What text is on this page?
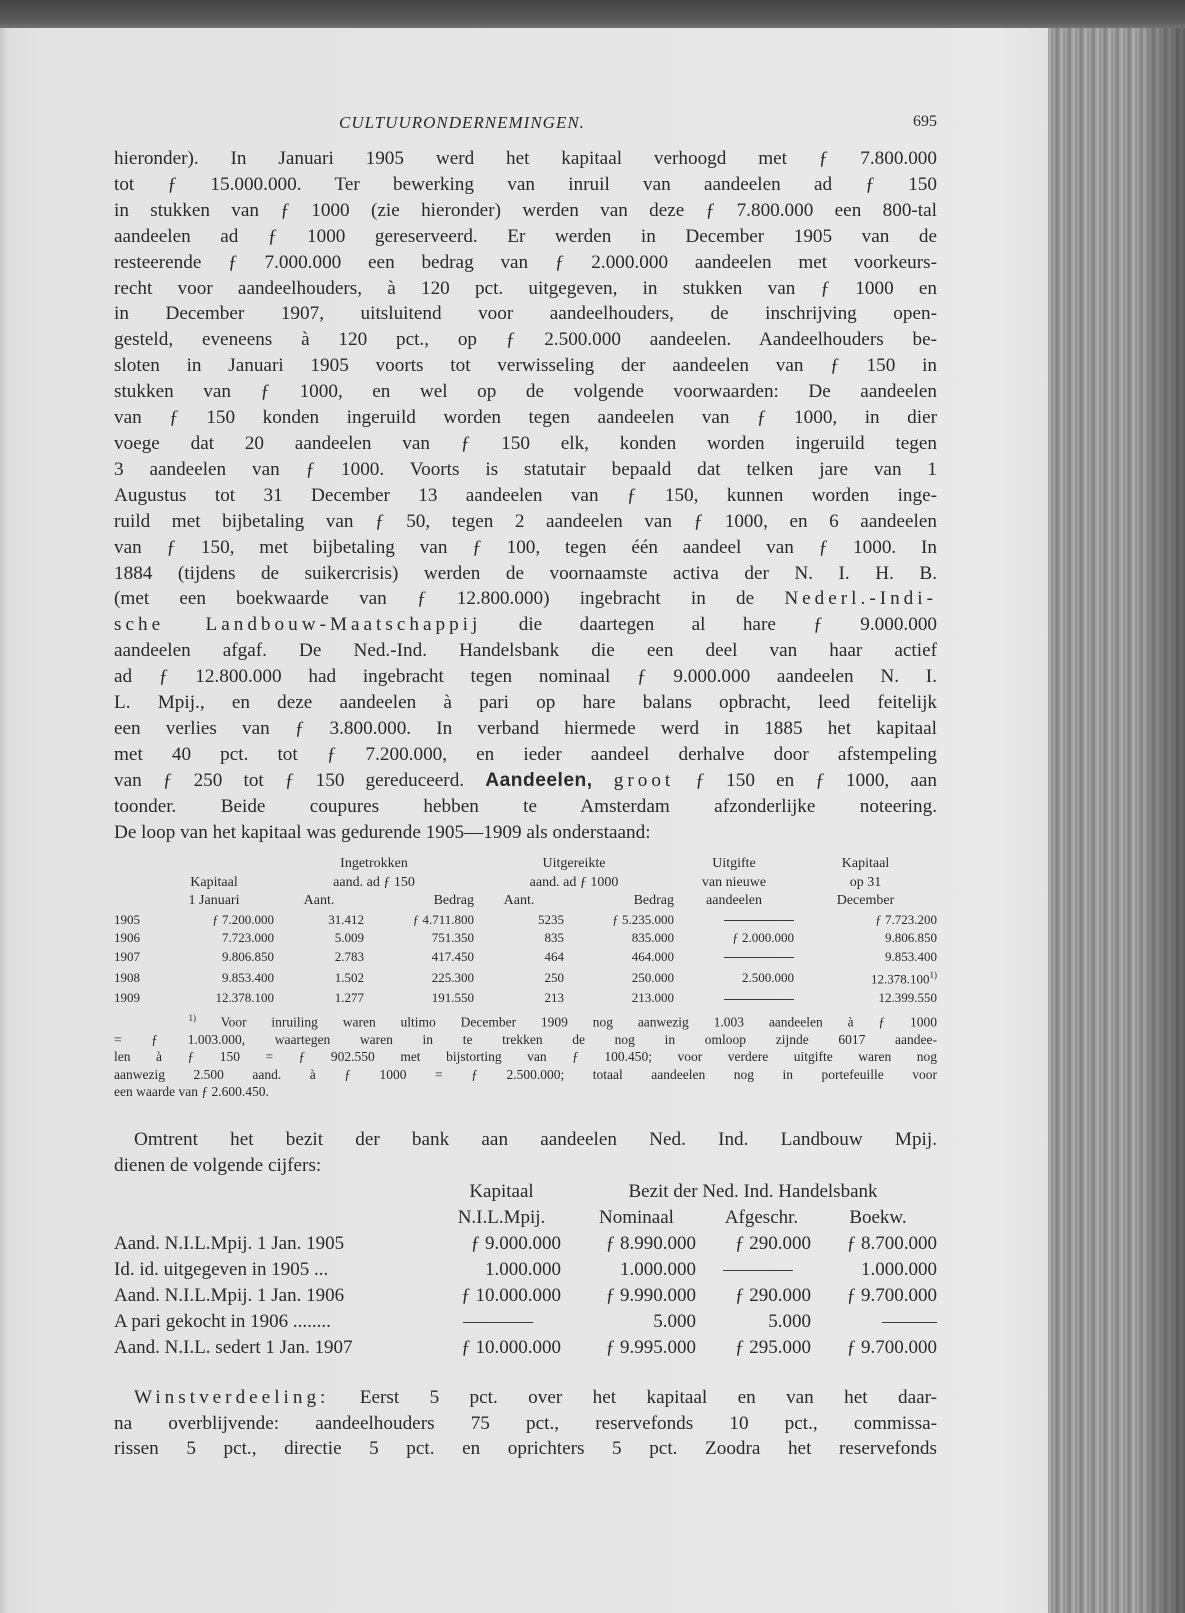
CULTUURONDERNEMINGEN.	695
hieronder). In Januari 1905 werd het kapitaal verhoogd met ƒ 7.800.000
tot ƒ 15.000.000. Ter bewerking van inruil van aandeelen ad ƒ 150
in stukken van ƒ 1000 (zie hieronder) werden van deze ƒ 7.800.000 een 800-tal
aandeelen ad ƒ 1000 gereserveerd. Er werden in December 1905 van de
resteerende ƒ 7.000.000 een bedrag van ƒ 2.000.000 aandeelen met voorkeurs-
recht voor aandeelhouders, à 120 pct. uitgegeven, in stukken van ƒ 1000 en
in December 1907, uitsluitend voor aandeelhouders, de inschrijving open-
gesteld, eveneens à 120 pct., op ƒ 2.500.000 aandeelen. Aandeelhouders be-
sloten in Januari 1905 voorts tot verwisseling der aandeelen van ƒ 150 in
stukken van ƒ 1000, en wel op de volgende voorwaarden: De aandeelen
van ƒ 150 konden ingeruild worden tegen aandeelen van ƒ 1000, in dier
voege dat 20 aandeelen van ƒ 150 elk, konden worden ingeruild tegen
3 aandeelen van ƒ 1000. Voorts is statutair bepaald dat telken jare van 1
Augustus tot 31 December 13 aandeelen van ƒ 150, kunnen worden inge-
ruild met bijbetaling van ƒ 50, tegen 2 aandeelen van ƒ 1000, en 6 aandeelen
van ƒ 150, met bijbetaling van ƒ 100, tegen één aandeel van ƒ 1000. In
1884 (tijdens de suikercrisis) werden de voornaamste activa der N. I. H. B.
(met een boekwaarde van ƒ 12.800.000) ingebracht in de Nederl.-Indi-
sche Landbouw-Maatschappij die daartegen al hare ƒ 9.000.000
aandeelen afgaf. De Ned.-Ind. Handelsbank die een deel van haar actief
ad ƒ 12.800.000 had ingebracht tegen nominaal ƒ 9.000.000 aandeelen N. I.
L. Mpij., en deze aandeelen à pari op hare balans opbracht, leed feitelijk
een verlies van ƒ 3.800.000. In verband hiermede werd in 1885 het kapitaal
met 40 pct. tot ƒ 7.200.000, en ieder aandeel derhalve door afstempeling
van ƒ 250 tot ƒ 150 gereduceerd. Aandeelen, groot ƒ 150 en ƒ 1000, aan
toonder. Beide coupures hebben te Amsterdam afzonderlijke noteering.
De loop van het kapitaal was gedurende 1905—1909 als onderstaand:
		Ingetrokken		Uitgereikte		Uitgifte	Kapitaal
	Kapitaal	aand. ad ƒ 150		aand. ad ƒ 1000		van nieuwe	op 31
	1 Januari	Aant.	Bedrag	Aant.	Bedrag	aandeelen	December
1905	ƒ 7.200.000	31.412	ƒ 4.711.800	5235	ƒ 5.235.000		ƒ 7.723.200
1906	7.723.000	5.009	751.350	835	835.000	ƒ 2.000.000	9.806.850
1907	9.806.850	2.783	417.450	464	464.000		9.853.400
1908	9.853.400	1.502	225.300	250	250.000	2.500.000	12.378.100$^{1)}$
1909	12.378.100	1.277	191.550	213	213.000		12.399.550
$^{1)}$ Voor inruiling waren ultimo December 1909 nog aanwezig 1.003 aandeelen à ƒ 1000
= ƒ 1.003.000, waartegen waren in te trekken de nog in omloop zijnde 6017 aandee-
len à ƒ 150 = ƒ 902.550 met bijstorting van ƒ 100.450; voor verdere uitgifte waren nog
aanwezig 2.500 aand. à ƒ 1000 = ƒ 2.500.000; totaal aandeelen nog in portefeuille voor
een waarde van ƒ 2.600.450.
Omtrent het bezit der bank aan aandeelen Ned. Ind. Landbouw Mpij.
dienen de volgende cijfers:
	Kapitaal	Bezit der Ned. Ind. Handelsbank		
	N.I.L.Mpij.	Nominaal	Afgeschr.	Boekw.
Aand. N.I.L.Mpij. 1 Jan. 1905	ƒ 9.000.000	ƒ 8.990.000	ƒ 290.000	ƒ 8.700.000
Id. id. uitgegeven in 1905 ...	1.000.000	1.000.000		1.000.000
Aand. N.I.L.Mpij. 1 Jan. 1906	ƒ 10.000.000	ƒ 9.990.000	ƒ 290.000	ƒ 9.700.000
A pari gekocht in 1906 ........		5.000	5.000	
Aand. N.I.L. sedert 1 Jan. 1907	ƒ 10.000.000	ƒ 9.995.000	ƒ 295.000	ƒ 9.700.000
Winstverdeeling: Eerst 5 pct. over het kapitaal en van het daar-
na overblijvende: aandeelhouders 75 pct., reservefonds 10 pct., commissa-
rissen 5 pct., directie 5 pct. en oprichters 5 pct. Zoodra het reservefonds
